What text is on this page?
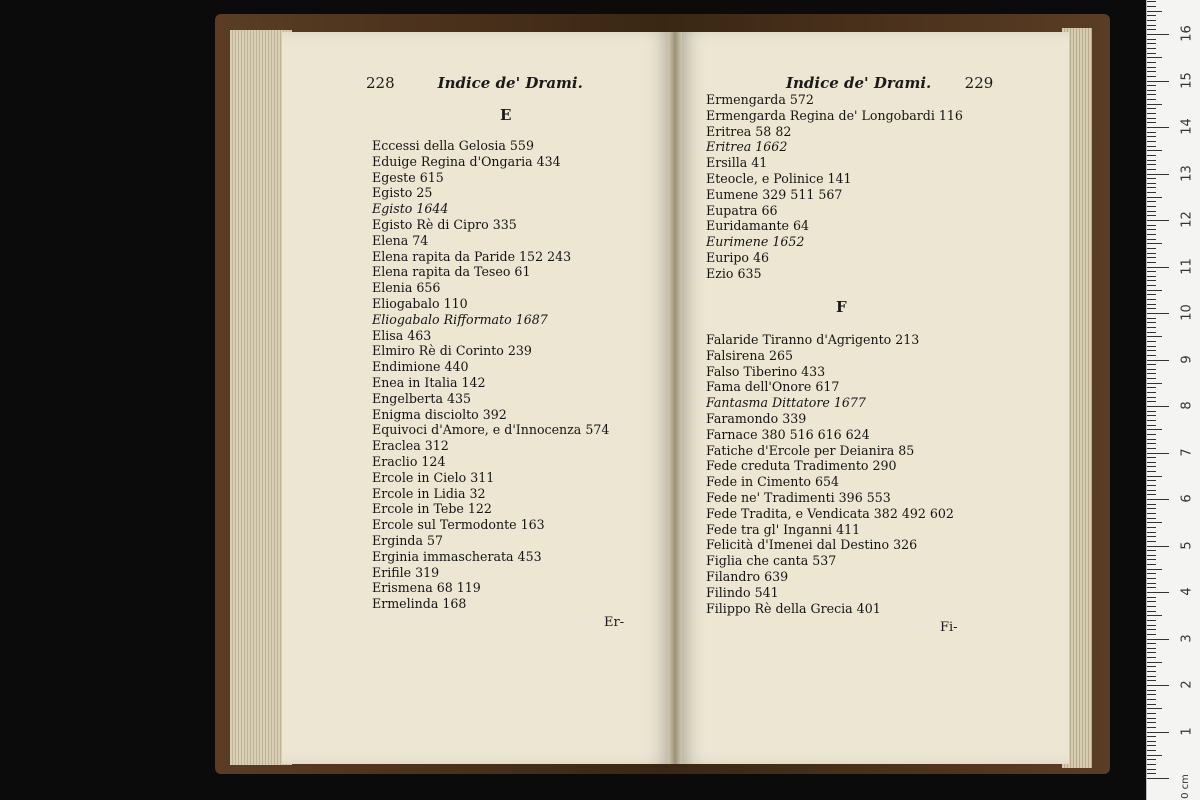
228	Indice de' Drami.
E
Eccessi della Gelosia 559
Eduige Regina d'Ongaria 434
Egeste 615
Egisto 25
Egisto 1644
Egisto Rè di Cipro 335
Elena 74
Elena rapita da Paride 152 243
Elena rapita da Teseo 61
Elenia 656
Eliogabalo 110
Eliogabalo Rifformato 1687
Elisa 463
Elmiro Rè di Corinto 239
Endimione 440
Enea in Italia 142
Engelberta 435
Enigma disciolto 392
Equivoci d'Amore, e d'Innocenza 574
Eraclea 312
Eraclio 124
Ercole in Cielo 311
Ercole in Lidia 32
Ercole in Tebe 122
Ercole sul Termodonte 163
Erginda 57
Erginia immascherata 453
Erifile 319
Erismena 68 119
Ermelinda 168
Er-
Indice de' Drami. 229
Ermengarda 572
Ermengarda Regina de' Longobardi 116
Eritrea 58 82
Eritrea 1662
Ersilla 41
Eteocle, e Polinice 141
Eumene 329 511 567
Eupatra 66
Euridamante 64
Eurimene 1652
Euripo 46
Ezio 635
F
Falaride Tiranno d'Agrigento 213
Falsirena 265
Falso Tiberino 433
Fama dell'Onore 617
Fantasma Dittatore 1677
Faramondo 339
Farnace 380 516 616 624
Fatiche d'Ercole per Deianira 85
Fede creduta Tradimento 290
Fede in Cimento 654
Fede ne' Tradimenti 396 553
Fede Tradita, e Vendicata 382 492 602
Fede tra gl' Inganni 411
Felicità d'Imenei dal Destino 326
Figlia che canta 537
Filandro 639
Filindo 541
Filippo Rè della Grecia 401
Fi-
0 cm
1
2
3
4
5
6
7
8
9
10
11
12
13
14
15
16
